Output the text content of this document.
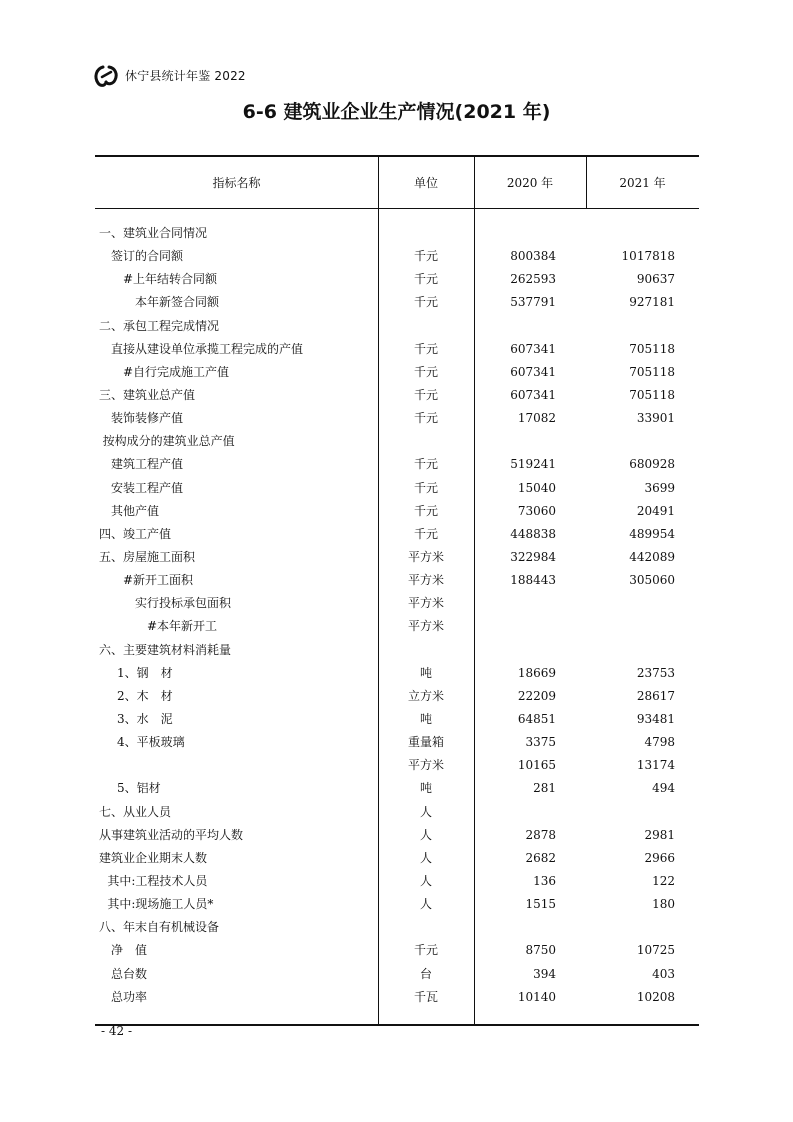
休宁县统计年鉴 2022
6-6 建筑业企业生产情况(2021 年)
指标名称	单位	2020 年	2021 年
一、建筑业合同情况
签订的合同额	千元	800384	1017818
#上年结转合同额	千元	262593	90637
本年新签合同额	千元	537791	927181
二、承包工程完成情况
直接从建设单位承揽工程完成的产值	千元	607341	705118
#自行完成施工产值	千元	607341	705118
三、建筑业总产值	千元	607341	705118
装饰装修产值	千元	17082	33901
按构成分的建筑业总产值
建筑工程产值	千元	519241	680928
安装工程产值	千元	15040	3699
其他产值	千元	73060	20491
四、竣工产值	千元	448838	489954
五、房屋施工面积	平方米	322984	442089
#新开工面积	平方米	188443	305060
实行投标承包面积	平方米
#本年新开工	平方米
六、主要建筑材料消耗量
1、钢　材	吨	18669	23753
2、木　材	立方米	22209	28617
3、水　泥	吨	64851	93481
4、平板玻璃	重量箱	3375	4798
平方米	10165	13174
5、铝材	吨	281	494
七、从业人员	人
从事建筑业活动的平均人数	人	2878	2981
建筑业企业期末人数	人	2682	2966
其中:工程技术人员	人	136	122
其中:现场施工人员*	人	1515	180
八、年末自有机械设备
净　值	千元	8750	10725
总台数	台	394	403
总功率	千瓦	10140	10208
- 42 -
